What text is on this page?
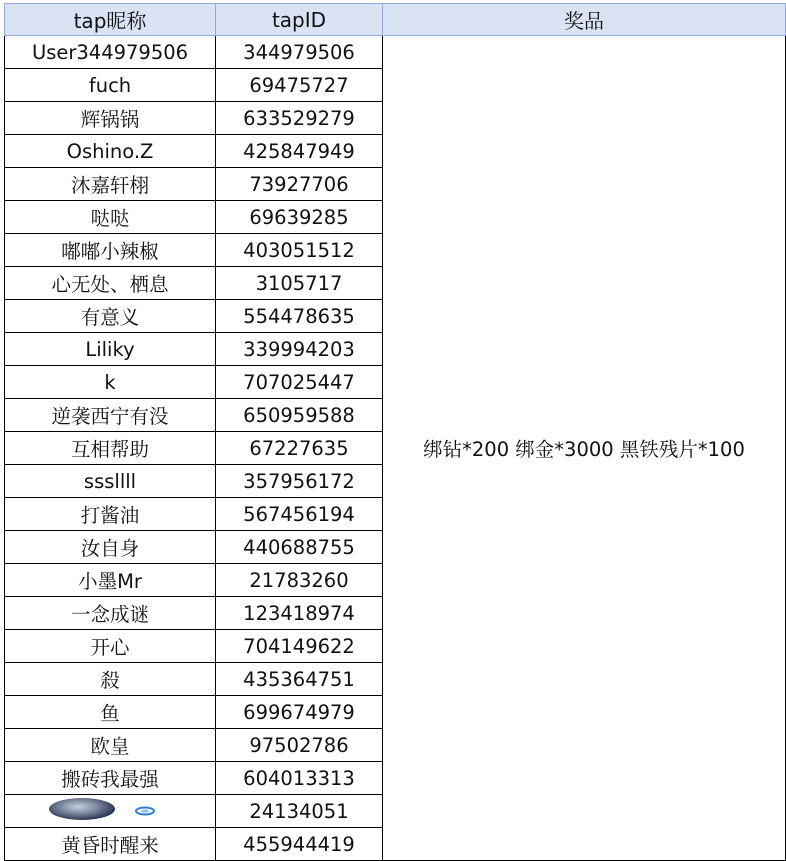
tap昵称	tapID	奖品
User344979506	344979506	绑钻*200 绑金*3000 黑铁残片*100
fuch	69475727	
辉锅锅	633529279	
Oshino.Z	425847949	
沐嘉轩栩	73927706	
哒哒	69639285	
嘟嘟小辣椒	403051512	
心无处、栖息	3105717	
有意义	554478635	
Liliky	339994203	
k	707025447	
逆袭西宁有没	650959588	
互相帮助	67227635	
sssllll	357956172	
打酱油	567456194	
汝自身	440688755	
小墨Mr	21783260	
一念成谜	123418974	
开心	704149622	
殺	435364751	
鱼	699674979	
欧皇	97502786	
搬砖我最强	604013313	

	24134051	
黄昏时醒来	455944419	
